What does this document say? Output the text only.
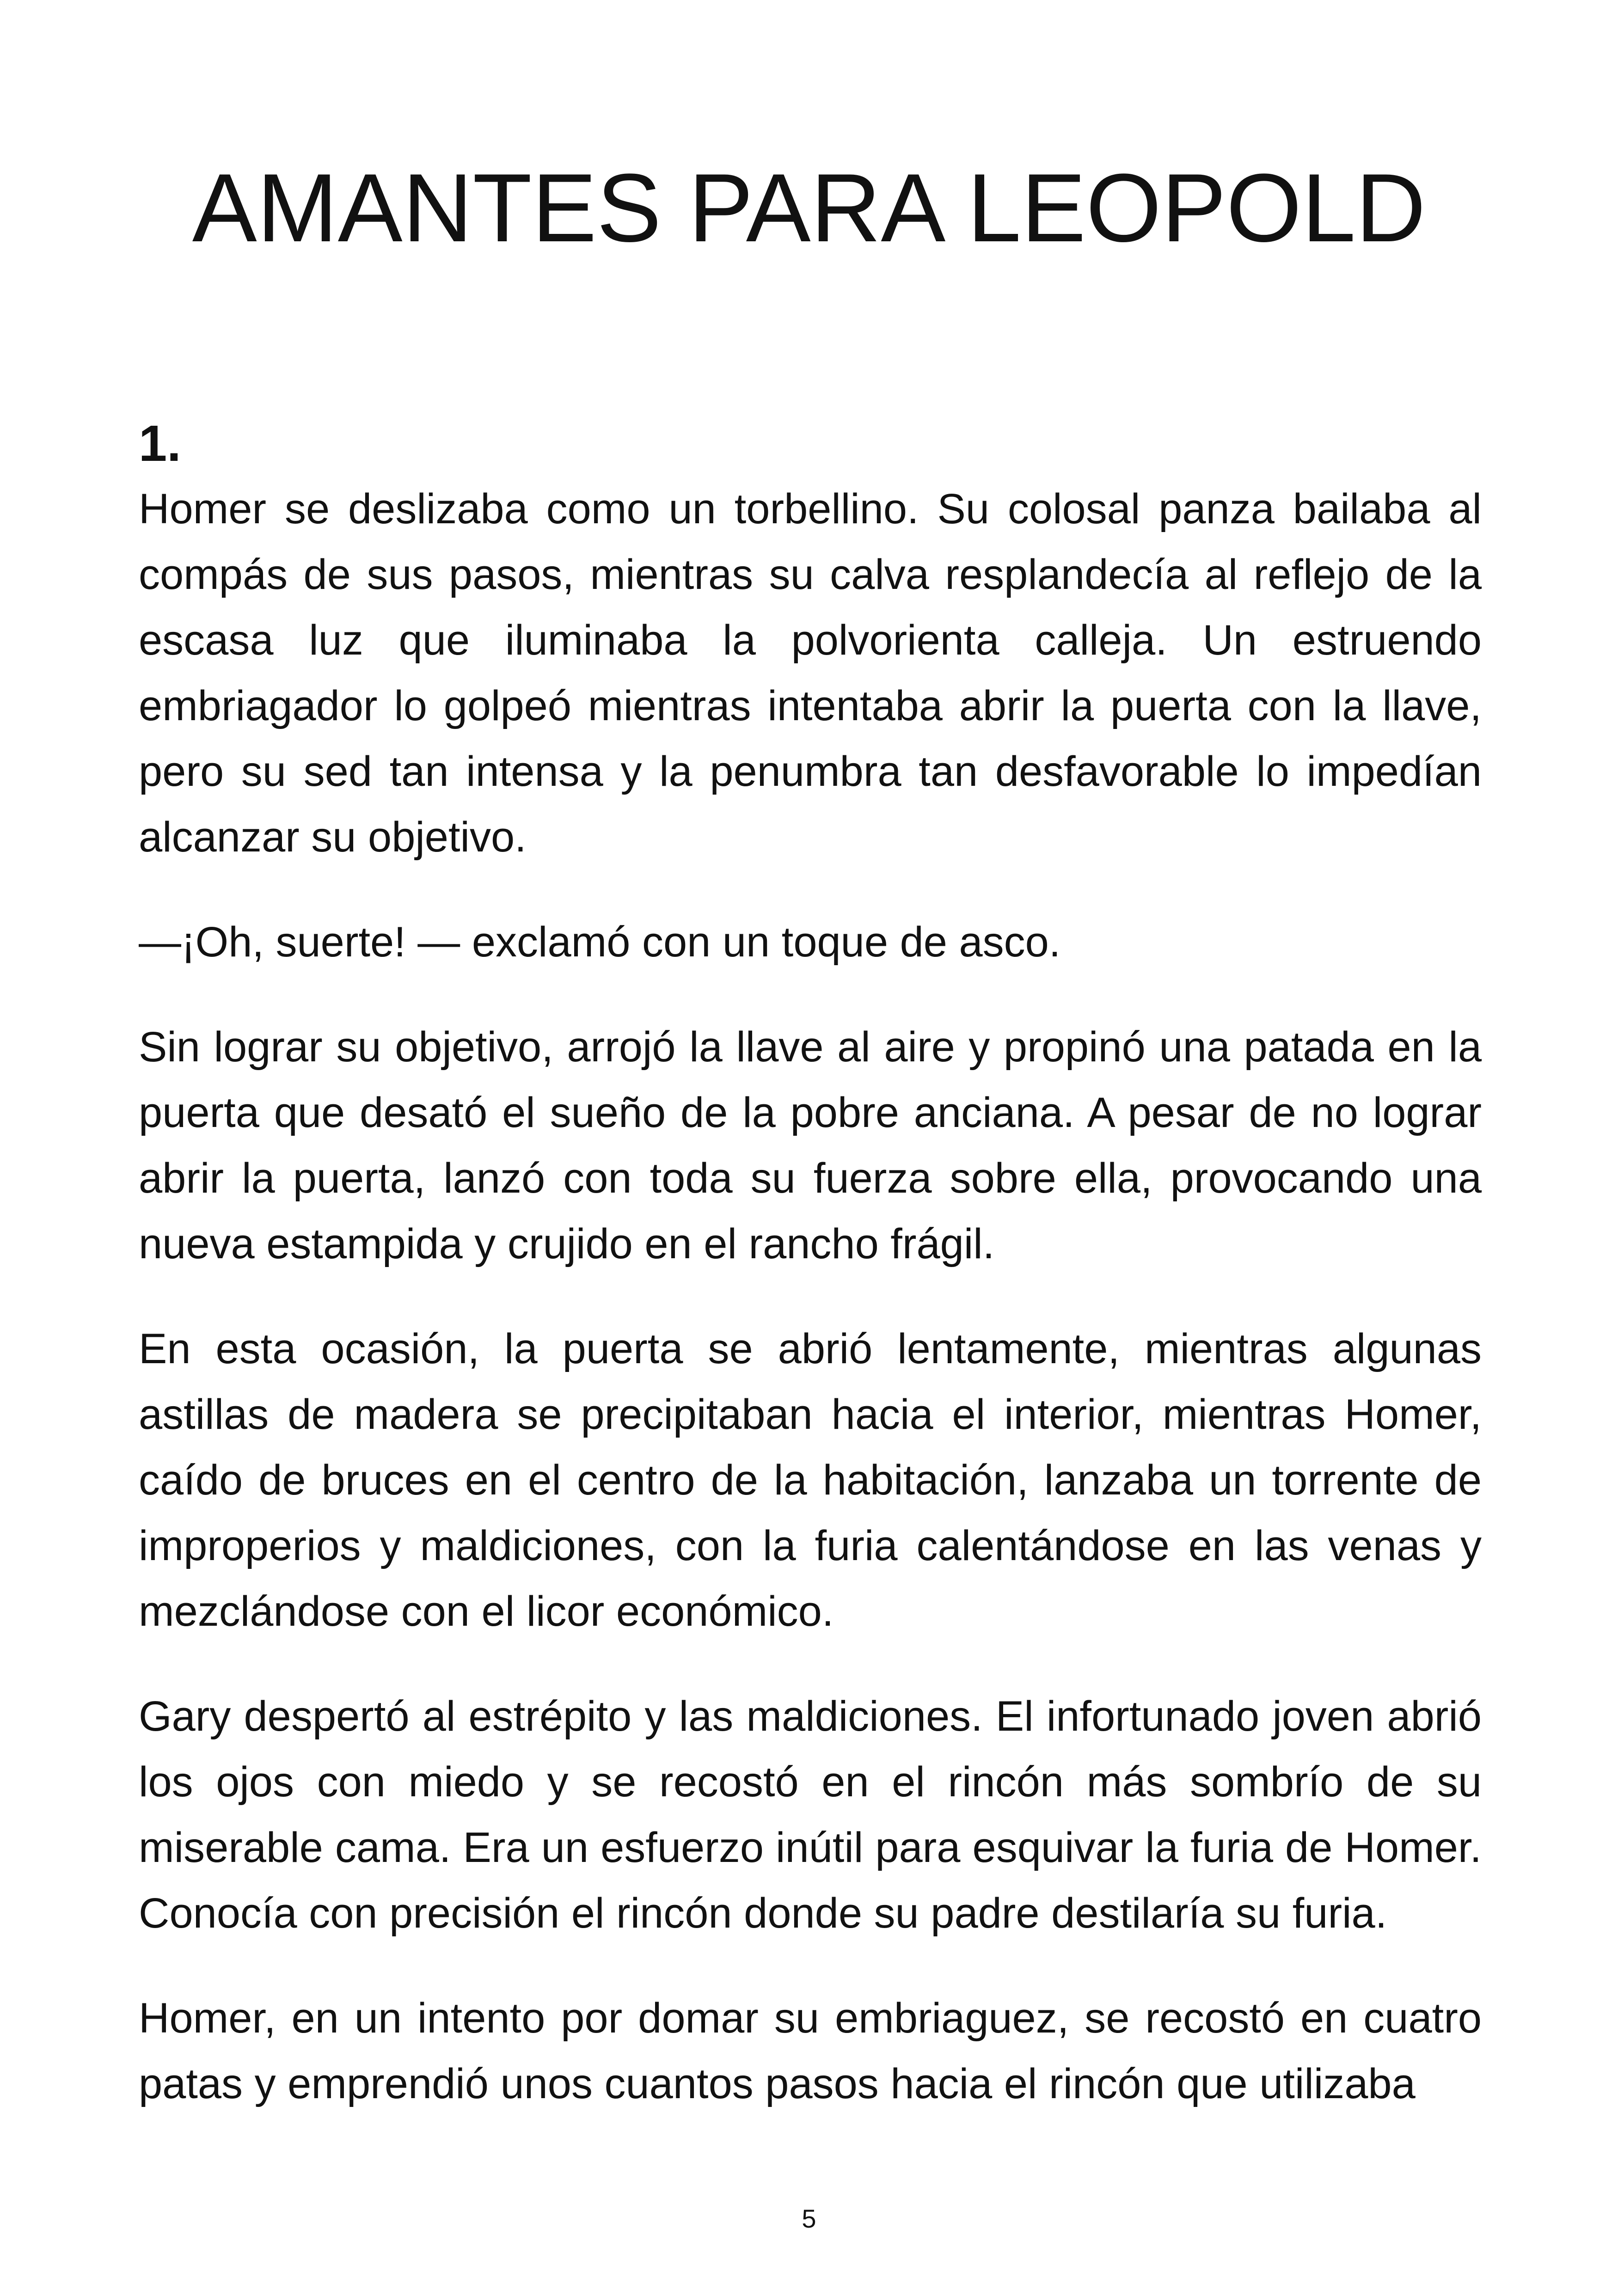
AMANTES PARA LEOPOLD
1.

Homer se deslizaba como un torbellino. Su colosal panza bailaba al compás de sus pasos, mientras su calva resplandecía al reflejo de la escasa luz que iluminaba la polvorienta calleja. Un estruendo embriagador lo golpeó mientras intentaba abrir la puerta con la llave, pero su sed tan intensa y la penumbra tan desfavorable lo impedían alcanzar su objetivo.

—¡Oh, suerte! — exclamó con un toque de asco.

Sin lograr su objetivo, arrojó la llave al aire y propinó una patada en la puerta que desató el sueño de la pobre anciana. A pesar de no lograr abrir la puerta, lanzó con toda su fuerza sobre ella, provocando una nueva estampida y crujido en el rancho frágil.

En esta ocasión, la puerta se abrió lentamente, mientras algunas astillas de madera se precipitaban hacia el interior, mientras Homer, caído de bruces en el centro de la habitación, lanzaba un torrente de improperios y maldiciones, con la furia calentándose en las venas y mezclándose con el licor económico.

Gary despertó al estrépito y las maldiciones. El infortunado joven abrió los ojos con miedo y se recostó en el rincón más sombrío de su miserable cama. Era un esfuerzo inútil para esquivar la furia de Homer. Conocía con precisión el rincón donde su padre destilaría su furia.

Homer, en un intento por domar su embriaguez, se recostó en cuatro patas y emprendió unos cuantos pasos hacia el rincón que utilizaba

5
